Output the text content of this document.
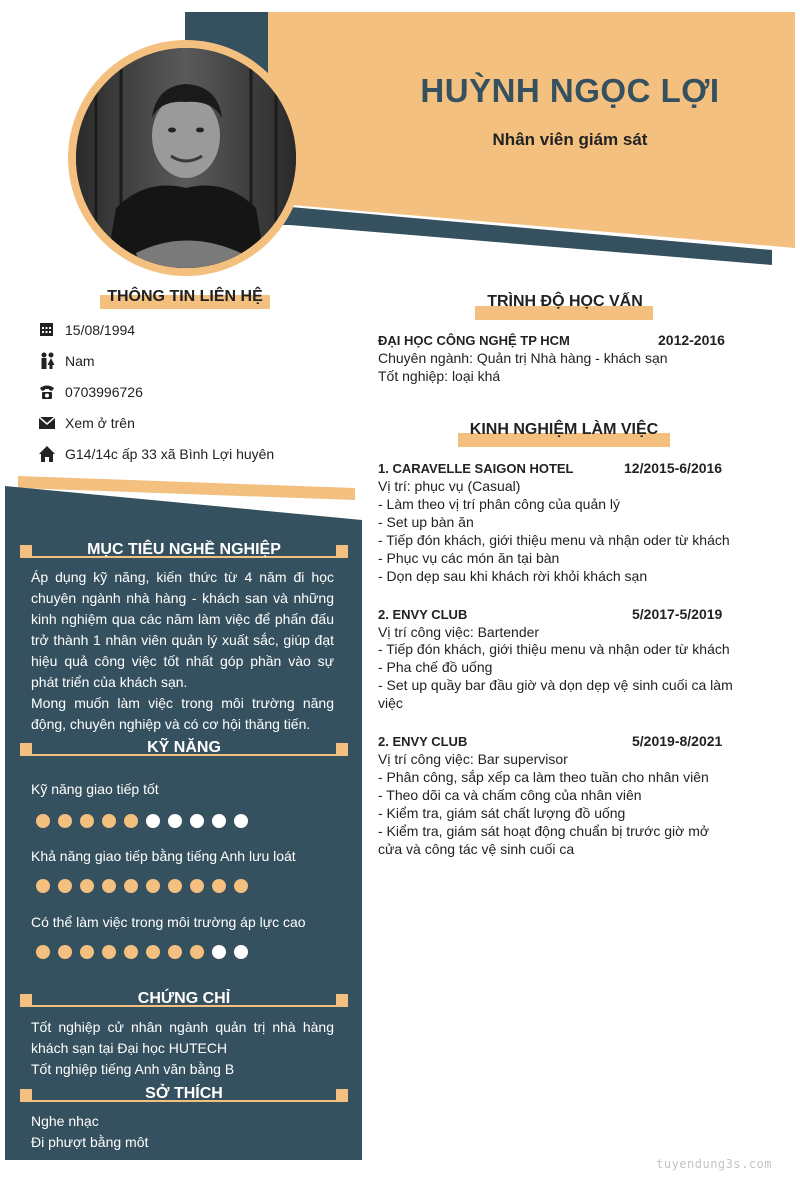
HUỲNH NGỌC LỢI
Nhân viên giám sát
THÔNG TIN LIÊN HỆ
15/08/1994
Nam
0703996726
Xem ở trên
G14/14c ấp 33 xã Bình Lợi huyên
MỤC TIÊU NGHỀ NGHIỆP
Áp dụng kỹ năng, kiến thức từ 4 năm đi học chuyên ngành nhà hàng - khách san và những kinh nghiệm qua các năm làm việc để phấn đấu trở thành 1 nhân viên quản lý xuất sắc, giúp đạt hiệu quả công việc tốt nhất góp phần vào sự phát triển của khách sạn.
Mong muốn làm việc trong môi trường năng động, chuyên nghiệp và có cơ hội thăng tiến.
KỸ NĂNG
Kỹ năng giao tiếp tốt
Khả năng giao tiếp bằng tiếng Anh lưu loát
Có thể làm việc trong môi trường áp lực cao
CHỨNG CHỈ
Tốt nghiệp cử nhân ngành quản trị nhà hàng khách sạn tại Đại học HUTECH
Tốt nghiệp tiếng Anh văn bằng B
SỞ THÍCH
Nghe nhạc
Đi phượt bằng môt
TRÌNH ĐỘ HỌC VẤN
ĐẠI HỌC CÔNG NGHỆ TP HCM	2012-2016
Chuyên ngành: Quản trị Nhà hàng - khách sạn
Tốt nghiệp: loại khá
KINH NGHIỆM LÀM VIỆC
1. CARAVELLE SAIGON HOTEL	12/2015-6/2016
Vị trí: phục vụ (Casual)
- Làm theo vị trí phân công của quản lý
- Set up bàn ăn
- Tiếp đón khách, giới thiệu menu và nhận oder từ khách
- Phục vụ các món ăn tại bàn
- Dọn dẹp sau khi khách rời khỏi khách sạn
2. ENVY CLUB	5/2017-5/2019
Vị trí công việc: Bartender
- Tiếp đón khách, giới thiệu menu và nhận oder từ khách
- Pha chế đồ uống
- Set up quầy bar đầu giờ và dọn dẹp vệ sinh cuối ca làm
việc
2. ENVY CLUB	5/2019-8/2021
Vị trí công việc: Bar supervisor
- Phân công, sắp xếp ca làm theo tuần cho nhân viên
- Theo dõi ca và chấm công của nhân viên
- Kiểm tra, giám sát chất lượng đồ uống
- Kiểm tra, giám sát hoạt động chuẩn bị trước giờ mở
cửa và công tác vệ sinh cuối ca
tuyendung3s.com
